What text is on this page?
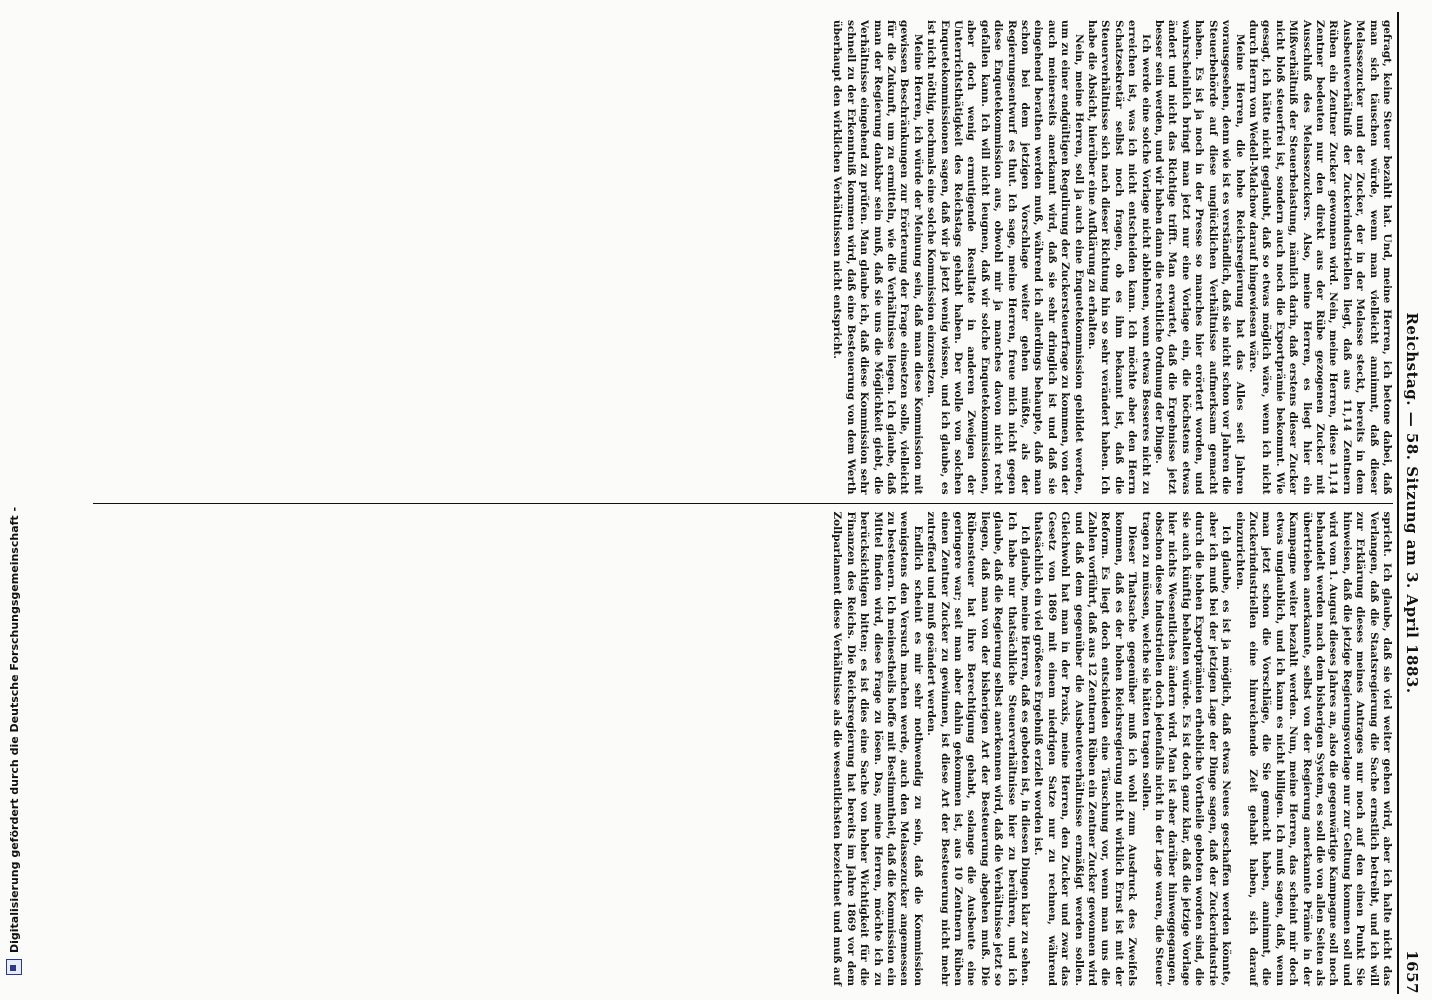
Digitalisierung gefördert durch die Deutsche Forschungsgemeinschaft -
Reichstag. — 58. Sitzung am 3. April 1883.
1657

gefragt, keine Steuer bezahlt hat. Und, meine Herren, ich betone dabei, daß man sich täuschen würde, wenn man vielleicht annimmt, daß dieser Melassezucker und der Zucker, der in der Melasse steckt, bereits in dem Ausbeuteverhältniß der Zuckerindustriellen liegt, daß aus 11,14 Zentnern Rüben ein Zentner Zucker gewonnen wird. Nein, meine Herren, diese 11,14 Zentner bedeuten nur den direkt aus der Rübe gezogenen Zucker mit Ausschluß des Melassezuckers. Also, meine Herren, es liegt hier ein Mißverhältniß der Steuerbelastung, nämlich darin, daß erstens dieser Zucker nicht bloß steuerfrei ist, sondern auch noch die Exportprämie bekommt. Wie gesagt, ich hätte nicht geglaubt, daß so etwas möglich wäre, wenn ich nicht durch Herrn von Wedell-Malchow darauf hingewiesen wäre.

Meine Herren, die hohe Reichsregierung hat das Alles seit Jahren vorausgesehen, denn wie ist es verständlich, daß sie nicht schon vor Jahren die Steuerbehörde auf diese unglücklichen Verhältnisse aufmerksam gemacht haben. Es ist ja noch in der Presse so manches hier erörtert worden, und wahrscheinlich bringt man jetzt nur eine Vorlage ein, die höchstens etwas ändert und nicht das Richtige trifft. Man erwartet, daß die Ergebnisse jetzt besser sein werden, und wir haben dann die rechtliche Ordnung der Dinge.

Ich werde eine solche Vorlage nicht ablehnen, wenn etwas Besseres nicht zu erreichen ist, was ich nicht entscheiden kann. Ich möchte aber den Herrn Schatzsekretär selbst noch fragen, ob es ihm bekannt ist, daß die Steuerverhältnisse sich nach dieser Richtung hin so sehr verändert haben. Ich habe die Absicht, hierüber eine Aufklärung zu erhalten.

Nein, meine Herren, soll ja auch eine Enquetekommission gebildet werden, um zu einer endgültigen Regulirung der Zuckersteuerfrage zu kommen, von der auch meinerseits anerkannt wird, daß sie sehr dringlich ist und daß sie eingehend berathen werden muß, während ich allerdings behaupte, daß man schon bei dem jetzigen Vorschlage weiter gehen müßte, als der Regierungsentwurf es thut. Ich sage, meine Herren, freue mich nicht gegen diese Enquetekommission aus, obwohl mir ja manches davon nicht recht gefallen kann. Ich will nicht leugnen, daß wir solche Enquetekommissionen, aber doch wenig ermutigende Resultate in anderen Zweigen der Unterrichtsthätigkeit des Reichstags gehabt haben. Der wolle von solchen Enquetekommissionen sagen, daß wir ja jetzt wenig wissen, und ich glaube, es ist nicht nöthig, nochmals eine solche Kommission einzusetzen.

Meine Herren, ich würde der Meinung sein, daß man diese Kommission mit gewissen Beschränkungen zur Erörterung der Frage einsetzen solle, vielleicht für die Zukunft, um zu ermitteln, wie die Verhältnisse liegen. Ich glaube, daß man der Regierung dankbar sein muß, daß sie uns die Möglichkeit giebt, die Verhältnisse eingehend zu prüfen. Man glaube ich, daß diese Kommission sehr schnell zu der Erkenntniß kommen wird, daß eine Besteuerung von dem Werth überhaupt den wirklichen Verhältnissen nicht entspricht.

spricht. Ich glaube, daß sie viel weiter gehen wird, aber ich halte nicht das Verlangen, daß die Staatsregierung die Sache ernstlich betreibt, und ich will zur Erklärung dieses meines Antrages nur noch auf den einen Punkt Sie hinweisen, daß die jetzige Regierungsvorlage nur zur Geltung kommen soll und wird vom 1. August dieses Jahres an, also die gegenwärtige Kampagne soll noch behandelt werden nach dem bisherigen System, es soll die von allen Seiten als übertrieben anerkannte, selbst von der Regierung anerkannte Prämie in der Kampagne weiter bezahlt werden. Nun, meine Herren, das scheint mir doch etwas unglaublich, und ich kann es nicht billigen. Ich muß sagen, daß, wenn man jetzt schon die Vorschläge, die Sie gemacht haben, annimmt, die Zuckerindustriellen eine hinreichende Zeit gehabt haben, sich darauf einzurichten.

Ich glaube, es ist ja möglich, daß etwas Neues geschaffen werden könnte, aber ich muß bei der jetzigen Lage der Dinge sagen, daß der Zuckerindustrie durch die hohen Exportprämien erhebliche Vortheile geboten worden sind, die sie auch künftig behalten würde. Es ist doch ganz klar, daß die jetzige Vorlage hier nichts Wesentliches ändern wird. Man ist aber darüber hinweggegangen, obschon diese Industriellen doch jedenfalls nicht in der Lage waren, die Steuer tragen zu müssen, welche sie hätten tragen sollen.

Dieser Thatsache gegenüber muß ich wohl zum Ausdruck des Zweifels kommen, daß es der hohen Reichsregierung nicht wirklich Ernst ist mit der Reform. Es liegt doch entschieden eine Täuschung vor, wenn man uns die Zahlen vorführt, daß aus 12 Zentnern Rüben ein Zentner Zucker gewonnen wird und daß dem gegenüber die Ausbeuteverhältnisse ermäßigt werden sollen. Gleichwohl hat man in der Praxis, meine Herren, den Zucker und zwar das Gesetz von 1869 mit einem niedrigen Satze nur zu rechnen, während thatsächlich ein viel größeres Ergebniß erzielt worden ist.

Ich glaube, meine Herren, daß es geboten ist, in diesen Dingen klar zu sehen. Ich habe nur thatsächliche Steuerverhältnisse hier zu berühren, und ich glaube, daß die Regierung selbst anerkennen wird, daß die Verhältnisse jetzt so liegen, daß man von der bisherigen Art der Besteuerung abgehen muß. Die Rübensteuer hat ihre Berechtigung gehabt, solange die Ausbeute eine geringere war; seit man aber dahin gekommen ist, aus 10 Zentnern Rüben einen Zentner Zucker zu gewinnen, ist diese Art der Besteuerung nicht mehr zutreffend und muß geändert werden.

Endlich scheint es mir sehr nothwendig zu sein, daß die Kommission wenigstens den Versuch machen werde, auch den Melassezucker angemessen zu besteuern. Ich meinestheils hoffe mit Bestimmtheit, daß die Kommission ein Mittel finden wird, diese Frage zu lösen. Das, meine Herren, möchte ich zu berücksichtigen bitten; es ist dies eine Sache von hoher Wichtigkeit für die Finanzen des Reichs. Die Reichsregierung hat bereits im Jahre 1869 vor dem Zollparlament diese Verhältnisse als die wesentlichsten bezeichnet und muß auf
